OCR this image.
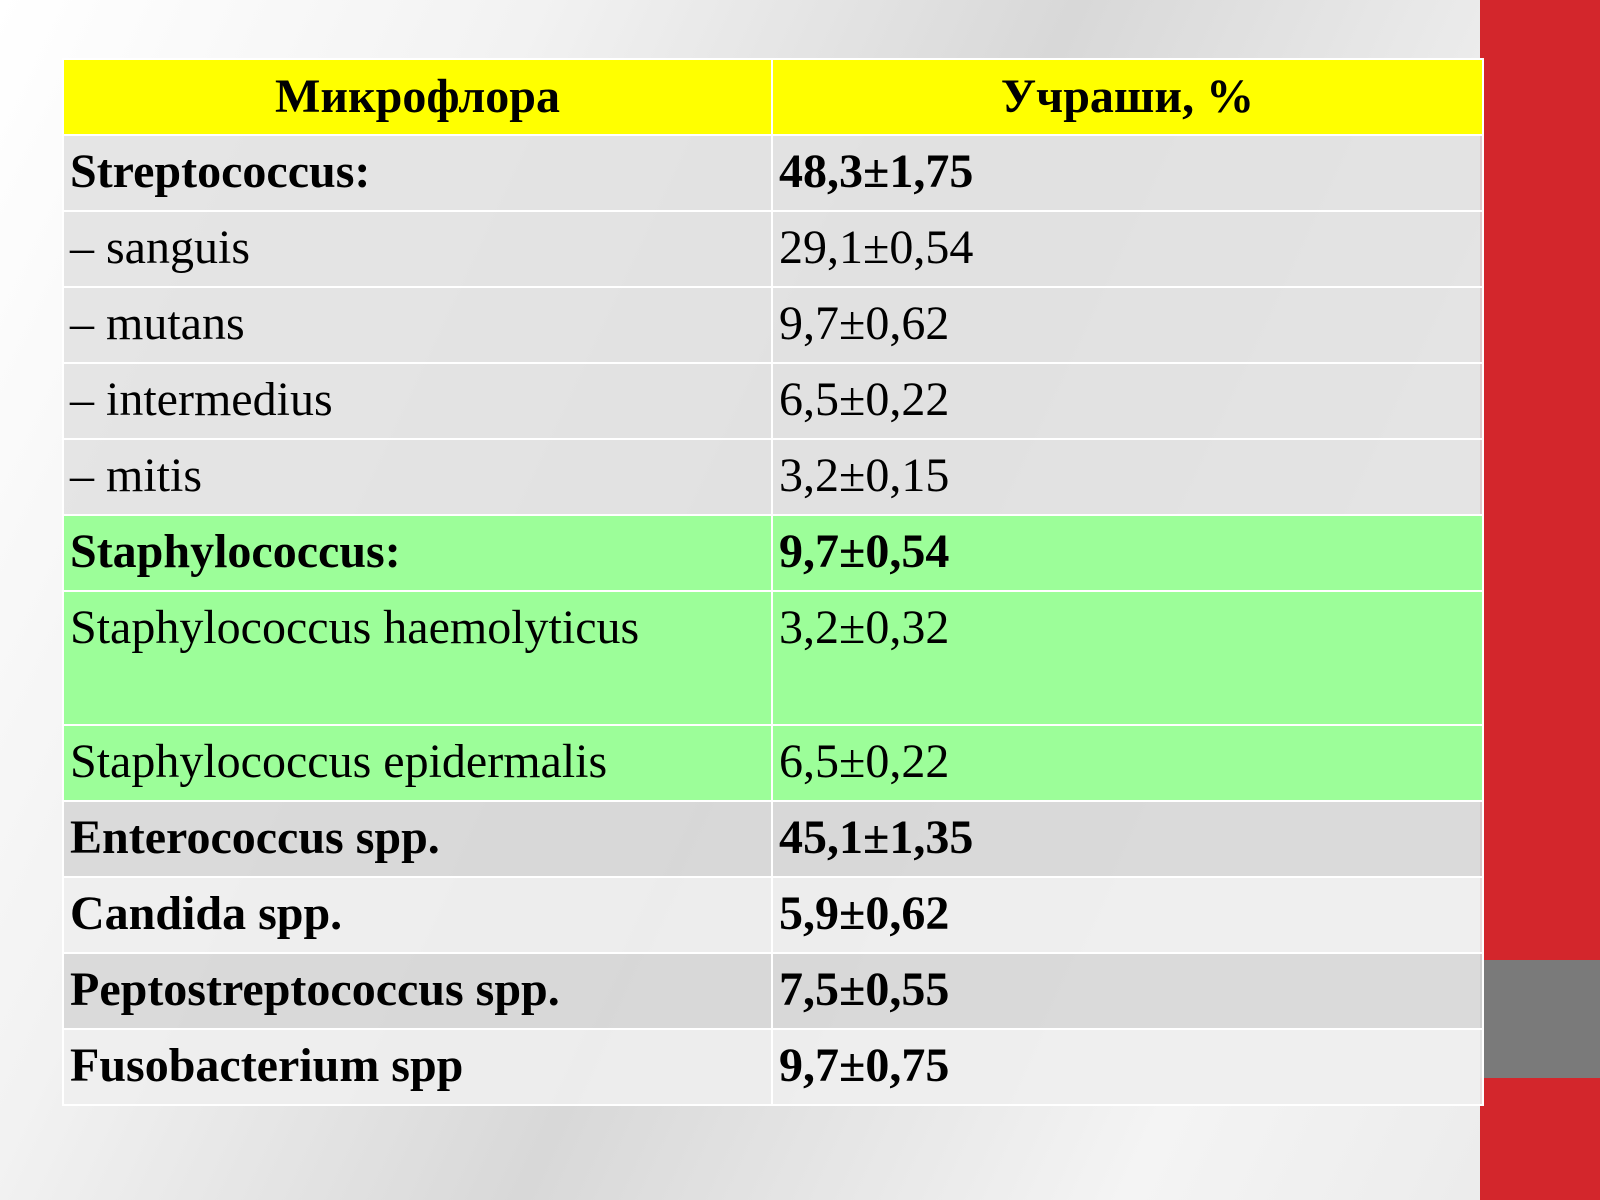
Микрофлора	Учраши, %
Streptococcus:	48,3±1,75
– sanguis	29,1±0,54
– mutans	9,7±0,62
– intermedius	6,5±0,22
– mitis	3,2±0,15
Staphylococcus:	9,7±0,54
Staphylococcus haemolyticus	3,2±0,32
Staphylococcus epidermalis	6,5±0,22
Enterococcus spp.	45,1±1,35
Candida spp.	5,9±0,62
Peptostreptococcus spp.	7,5±0,55
Fusobacterium spp	9,7±0,75
